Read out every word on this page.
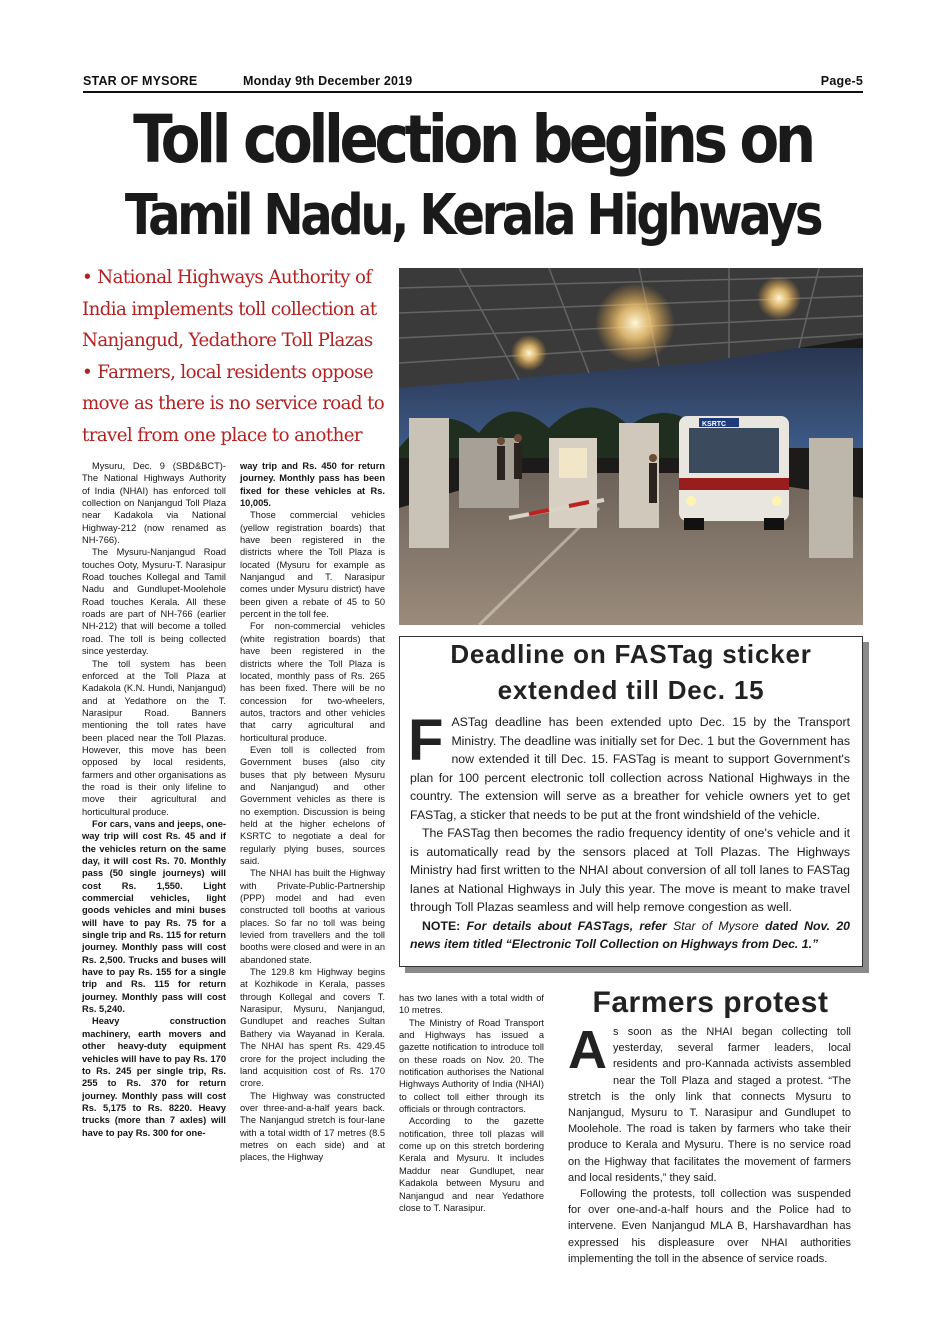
STAR OF MYSORE	Monday 9th December 2019	Page-5
Toll collection begins on
Tamil Nadu, Kerala Highways

• National Highways Authority of India implements toll collection at Nanjangud, Yedathore Toll Plazas

• Farmers, local residents oppose move as there is no service road to travel from one place to another

Mysuru, Dec. 9 (SBD&BCT)- The National Highways Authority of India (NHAI) has enforced toll collection on Nanjangud Toll Plaza near Kadakola via National Highway-212 (now renamed as NH-766).

The Mysuru-Nanjangud Road touches Ooty, Mysuru-T. Narasipur Road touches Kollegal and Tamil Nadu and Gundlupet-Moolehole Road touches Kerala. All these roads are part of NH-766 (earlier NH-212) that will become a tolled road. The toll is being collected since yesterday.

The toll system has been enforced at the Toll Plaza at Kadakola (K.N. Hundi, Nanjangud) and at Yedathore on the T. Narasipur Road. Banners mentioning the toll rates have been placed near the Toll Plazas. However, this move has been opposed by local residents, farmers and other organisations as the road is their only lifeline to move their agricultural and horticultural produce.

For cars, vans and jeeps, one-way trip will cost Rs. 45 and if the vehicles return on the same day, it will cost Rs. 70. Monthly pass (50 single journeys) will cost Rs. 1,550. Light commercial vehicles, light goods vehicles and mini buses will have to pay Rs. 75 for a single trip and Rs. 115 for return journey. Monthly pass will cost Rs. 2,500. Trucks and buses will have to pay Rs. 155 for a single trip and Rs. 115 for return journey. Monthly pass will cost Rs. 5,240.

Heavy construction machinery, earth movers and other heavy-duty equipment vehicles will have to pay Rs. 170 to Rs. 245 per single trip, Rs. 255 to Rs. 370 for return journey. Monthly pass will cost Rs. 5,175 to Rs. 8220. Heavy trucks (more than 7 axles) will have to pay Rs. 300 for one-

way trip and Rs. 450 for return journey. Monthly pass has been fixed for these vehicles at Rs. 10,005.

Those commercial vehicles (yellow registration boards) that have been registered in the districts where the Toll Plaza is located (Mysuru for example as Nanjangud and T. Narasipur comes under Mysuru district) have been given a rebate of 45 to 50 percent in the toll fee.

For non-commercial vehicles (white registration boards) that have been registered in the districts where the Toll Plaza is located, monthly pass of Rs. 265 has been fixed. There will be no concession for two-wheelers, autos, tractors and other vehicles that carry agricultural and horticultural produce.

Even toll is collected from Government buses (also city buses that ply between Mysuru and Nanjangud) and other Government vehicles as there is no exemption. Discussion is being held at the higher echelons of KSRTC to negotiate a deal for regularly plying buses, sources said.

The NHAI has built the Highway with Private-Public-Partnership (PPP) model and had even constructed toll booths at various places. So far no toll was being levied from travellers and the toll booths were closed and were in an abandoned state.

The 129.8 km Highway begins at Kozhikode in Kerala, passes through Kollegal and covers T. Narasipur, Mysuru, Nanjangud, Gundlupet and reaches Sultan Bathery via Wayanad in Kerala. The NHAI has spent Rs. 429.45 crore for the project including the land acquisition cost of Rs. 170 crore.

The Highway was constructed over three-and-a-half years back. The Nanjangud stretch is four-lane with a total width of 17 metres (8.5 metres on each side) and at places, the Highway

has two lanes with a total width of 10 metres.

The Ministry of Road Transport and Highways has issued a gazette notification to introduce toll on these roads on Nov. 20. The notification authorises the National Highways Authority of India (NHAI) to collect toll either through its officials or through contractors.

According to the gazette notification, three toll plazas will come up on this stretch bordering Kerala and Mysuru. It includes Maddur near Gundlupet, near Kadakola between Mysuru and Nanjangud and near Yedathore close to T. Narasipur.

KSRTC
Deadline on FASTag sticker
extended till Dec. 15
F ASTag deadline has been extended upto Dec. 15 by the Transport Ministry. The deadline was initially set for Dec. 1 but the Government has now extended it till Dec. 15. FASTag is meant to support Government's plan for 100 percent electronic toll collection across National Highways in the country. The extension will serve as a breather for vehicle owners yet to get FASTag, a sticker that needs to be put at the front windshield of the vehicle.

The FASTag then becomes the radio frequency identity of one's vehicle and it is automatically read by the sensors placed at Toll Plazas. The Highways Ministry had first written to the NHAI about conversion of all toll lanes to FASTag lanes at National Highways in July this year. The move is meant to make travel through Toll Plazas seamless and will help remove congestion as well.

NOTE: For details about FASTags, refer Star of Mysore dated Nov. 20 news item titled “Electronic Toll Collection on Highways from Dec. 1.”

Farmers protest
A s soon as the NHAI began collecting toll yesterday, several farmer leaders, local residents and pro-Kannada activists assembled near the Toll Plaza and staged a protest. “The stretch is the only link that connects Mysuru to Nanjangud, Mysuru to T. Narasipur and Gundlupet to Moolehole. The road is taken by farmers who take their produce to Kerala and Mysuru. There is no service road on the Highway that facilitates the movement of farmers and local residents,” they said.

Following the protests, toll collection was suspended for over one-and-a-half hours and the Police had to intervene. Even Nanjangud MLA B, Harshavardhan has expressed his displeasure over NHAI authorities implementing the toll in the absence of service roads.
